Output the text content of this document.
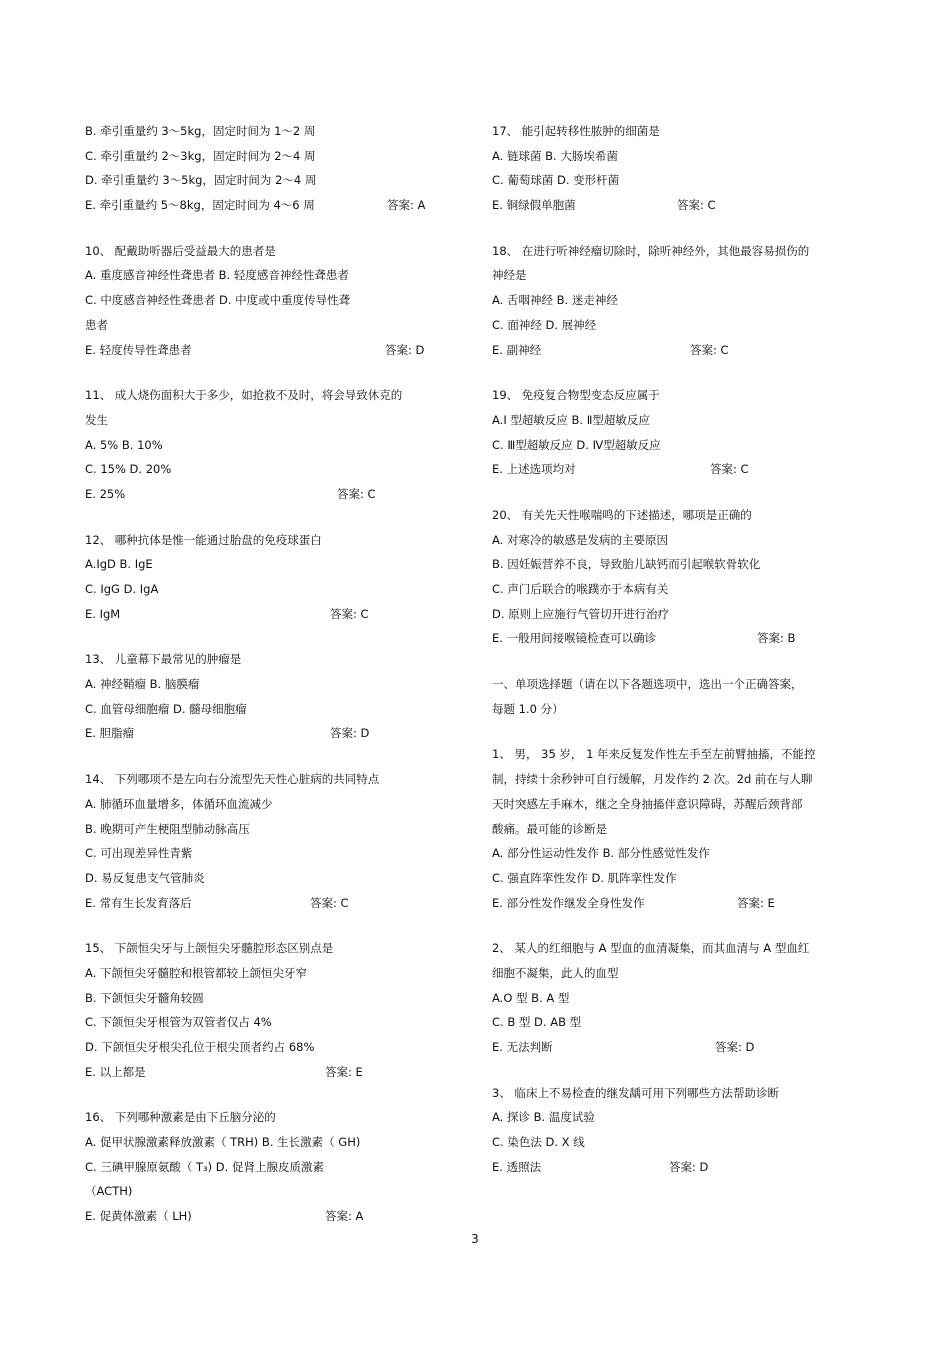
B. 牵引重量约 3～5kg，固定时间为 1～2 周
C. 牵引重量约 2～3kg，固定时间为 2～4 周
D. 牵引重量约 3～5kg，固定时间为 2～4 周
E. 牵引重量约 5～8kg，固定时间为 4～6 周	答案: A
10、 配戴助听器后受益最大的患者是
A. 重度感音神经性聋患者 B. 轻度感音神经性聋患者
C. 中度感音神经性聋患者 D. 中度或中重度传导性聋
患者
E. 轻度传导性聋患者	答案: D
11、 成人烧伤面积大于多少，如抢救不及时，将会导致休克的
发生
A. 5% B. 10%
C. 15% D. 20%
E. 25%	答案: C
12、 哪种抗体是惟一能通过胎盘的免疫球蛋白
A.IgD B. IgE
C. IgG D. IgA
E. IgM	答案: C
13、 儿童幕下最常见的肿瘤是
A. 神经鞘瘤 B. 脑膜瘤
C. 血管母细胞瘤 D. 髓母细胞瘤
E. 胆脂瘤	答案: D
14、 下列哪项不是左向右分流型先天性心脏病的共同特点
A. 肺循环血量增多，体循环血流减少
B. 晚期可产生梗阻型肺动脉高压
C. 可出现差异性青紫
D. 易反复患支气管肺炎
E. 常有生长发育落后	答案: C
15、 下颌恒尖牙与上颌恒尖牙髓腔形态区别点是
A. 下颌恒尖牙髓腔和根管都较上颌恒尖牙窄
B. 下颌恒尖牙髓角较圆
C. 下颌恒尖牙根管为双管者仅占 4%
D. 下颌恒尖牙根尖孔位于根尖顶者约占 68%
E. 以上都是	答案: E
16、 下列哪种激素是由下丘脑分泌的
A. 促甲状腺激素释放激素（ TRH) B. 生长激素（ GH)
C. 三碘甲腺原氨酸（ T₃) D. 促肾上腺皮质激素
（ACTH)
E. 促黄体激素（ LH)	答案: A
17、 能引起转移性脓肿的细菌是
A. 链球菌 B. 大肠埃希菌
C. 葡萄球菌 D. 变形杆菌
E. 铜绿假单胞菌	答案: C
18、 在进行听神经瘤切除时，除听神经外，其他最容易损伤的
神经是
A. 舌咽神经 B. 迷走神经
C. 面神经 D. 展神经
E. 副神经	答案: C
19、 免疫复合物型变态反应属于
A.I 型超敏反应 B. Ⅱ型超敏反应
C. Ⅲ型超敏反应 D. Ⅳ型超敏反应
E. 上述选项均对	答案: C
20、 有关先天性喉喘鸣的下述描述，哪项是正确的
A. 对寒冷的敏感是发病的主要原因
B. 因妊娠营养不良，导致胎儿缺钙而引起喉软骨软化
C. 声门后联合的喉蹼亦于本病有关
D. 原则上应施行气管切开进行治疗
E. 一般用间接喉镜检查可以确诊	答案: B
一、单项选择题（请在以下各题选项中，选出一个正确答案，
每题 1.0 分）
1、 男， 35 岁， 1 年来反复发作性左手至左前臂抽搐，不能控
制，持续十余秒钟可自行缓解，月发作约 2 次。2d 前在与人聊
天时突感左手麻木，继之全身抽搐伴意识障碍，苏醒后颈背部
酸痛。最可能的诊断是
A. 部分性运动性发作 B. 部分性感觉性发作
C. 强直阵挛性发作 D. 肌阵挛性发作
E. 部分性发作继发全身性发作	答案: E
2、 某人的红细胞与 A 型血的血清凝集，而其血清与 A 型血红
细胞不凝集，此人的血型
A.O 型 B. A 型
C. B 型 D. AB 型
E. 无法判断	答案: D
3、 临床上不易检查的继发龋可用下列哪些方法帮助诊断
A. 探诊 B. 温度试验
C. 染色法 D. X 线
E. 透照法	答案: D
3
